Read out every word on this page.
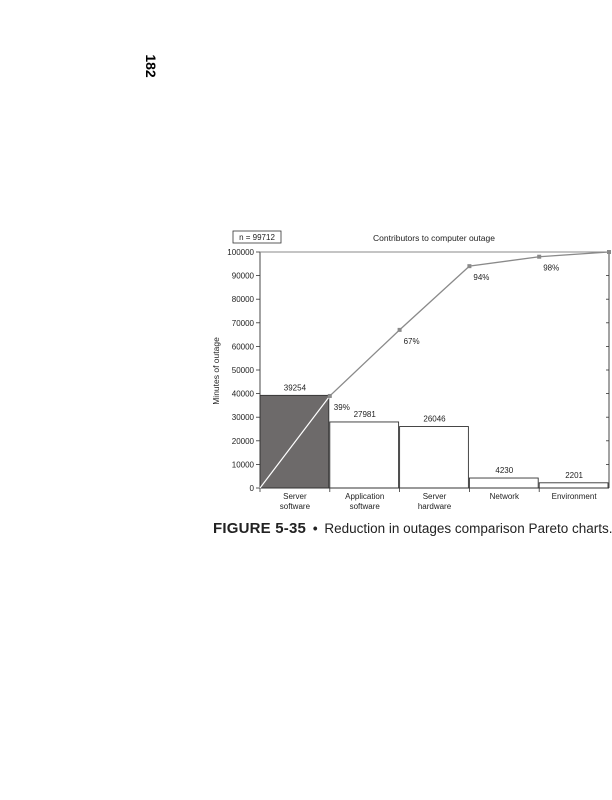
182
0
10000
20000
30000
40000
50000
60000
70000
80000
90000
100000
39254
Server
software
27981
Application
software
26046
Server
hardware
4230
Network
2201
Environment
39%
67%
94%
98%
n = 99712	Contributors to computer outage
Minutes of outage
FIGURE 5-35 • Reduction in outages comparison Pareto charts.
